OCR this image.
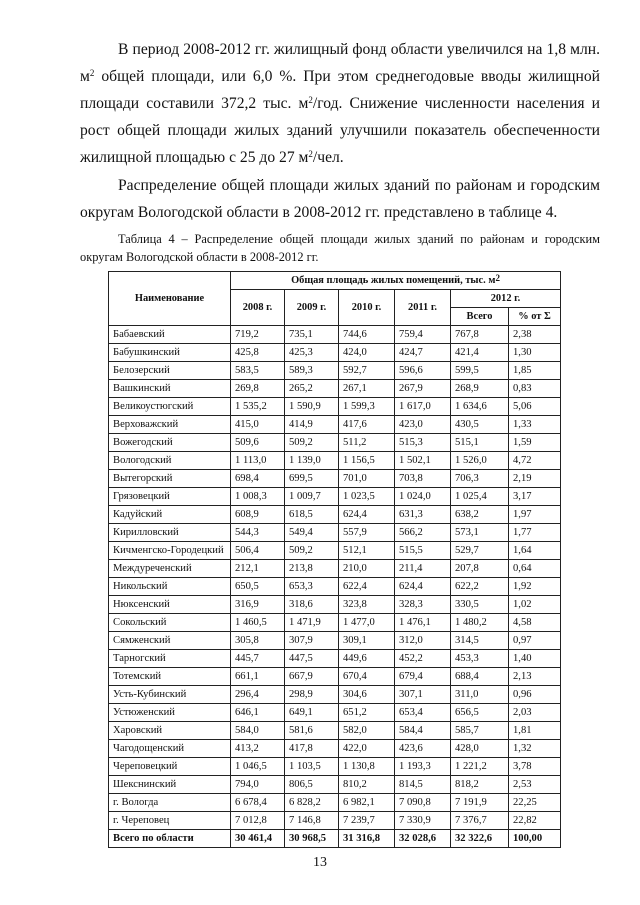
В период 2008-2012 гг. жилищный фонд области увеличился на 1,8 млн. $м^2$ общей площади, или 6,0 %. При этом среднегодовые вводы жилищной площади составили 372,2 тыс. $м^2$/год. Снижение численности населения и рост общей площади жилых зданий улучшили показатель обеспеченности жилищной площадью с 25 до 27 $м^2$/чел.

Распределение общей площади жилых зданий по районам и городским округам Вологодской области в 2008-2012 гг. представлено в таблице 4.

Таблица 4 – Распределение общей площади жилых зданий по районам и городским округам Вологодской области в 2008-2012 гг.

Наименование	Общая площадь жилых помещений, тыс. $м^2$
	2008 г.	2009 г.	2010 г.	2011 г.	2012 г.	
					Всего	% от Σ
Бабаевский	719,2	735,1	744,6	759,4	767,8	2,38
Бабушкинский	425,8	425,3	424,0	424,7	421,4	1,30
Белозерский	583,5	589,3	592,7	596,6	599,5	1,85
Вашкинский	269,8	265,2	267,1	267,9	268,9	0,83
Великоустюгский	1 535,2	1 590,9	1 599,3	1 617,0	1 634,6	5,06
Верховажский	415,0	414,9	417,6	423,0	430,5	1,33
Вожегодский	509,6	509,2	511,2	515,3	515,1	1,59
Вологодский	1 113,0	1 139,0	1 156,5	1 502,1	1 526,0	4,72
Вытегорский	698,4	699,5	701,0	703,8	706,3	2,19
Грязовецкий	1 008,3	1 009,7	1 023,5	1 024,0	1 025,4	3,17
Кадуйский	608,9	618,5	624,4	631,3	638,2	1,97
Кирилловский	544,3	549,4	557,9	566,2	573,1	1,77
Кичменгско-Городецкий	506,4	509,2	512,1	515,5	529,7	1,64
Междуреченский	212,1	213,8	210,0	211,4	207,8	0,64
Никольский	650,5	653,3	622,4	624,4	622,2	1,92
Нюксенский	316,9	318,6	323,8	328,3	330,5	1,02
Сокольский	1 460,5	1 471,9	1 477,0	1 476,1	1 480,2	4,58
Сямженский	305,8	307,9	309,1	312,0	314,5	0,97
Тарногский	445,7	447,5	449,6	452,2	453,3	1,40
Тотемский	661,1	667,9	670,4	679,4	688,4	2,13
Усть-Кубинский	296,4	298,9	304,6	307,1	311,0	0,96
Устюженский	646,1	649,1	651,2	653,4	656,5	2,03
Харовский	584,0	581,6	582,0	584,4	585,7	1,81
Чагодощенский	413,2	417,8	422,0	423,6	428,0	1,32
Череповецкий	1 046,5	1 103,5	1 130,8	1 193,3	1 221,2	3,78
Шекснинский	794,0	806,5	810,2	814,5	818,2	2,53
г. Вологда	6 678,4	6 828,2	6 982,1	7 090,8	7 191,9	22,25
г. Череповец	7 012,8	7 146,8	7 239,7	7 330,9	7 376,7	22,82
Всего по области	30 461,4	30 968,5	31 316,8	32 028,6	32 322,6	100,00
13
